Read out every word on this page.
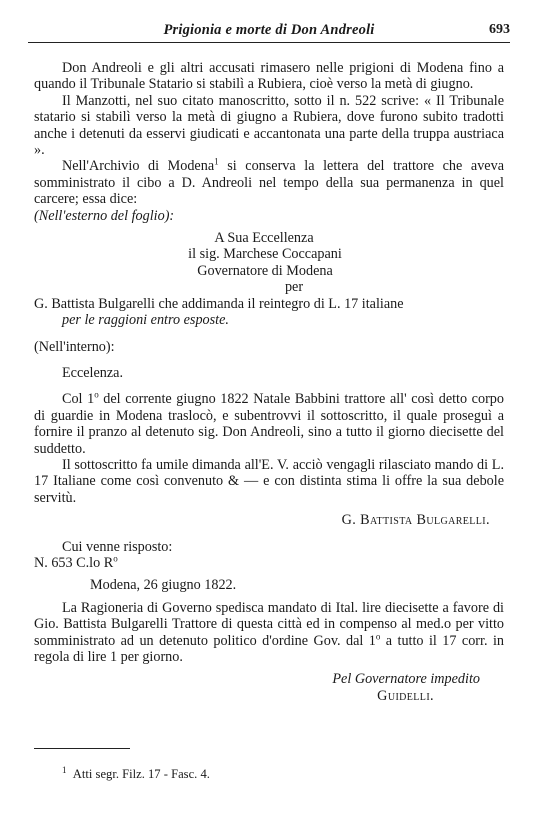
Prigionia e morte di Don Andreoli	693

Don Andreoli e gli altri accusati rimasero nelle prigioni di Modena fino a quando il Tribunale Statario si stabilì a Rubiera, cioè verso la metà di giugno.

Il Manzotti, nel suo citato manoscritto, sotto il n. 522 scrive: « Il Tribunale statario si stabilì verso la metà di giugno a Rubiera, dove furono subito tradotti anche i detenuti da esservi giudicati e accantonata una parte della truppa austriaca ».

Nell'Archivio di Modena$^1$ si conserva la lettera del trattore che aveva somministrato il cibo a D. Andreoli nel tempo della sua permanenza in quel carcere; essa dice:

(Nell'esterno del foglio):

A Sua Eccellenza

il sig. Marchese Coccapani

Governatore di Modena

per

G. Battista Bulgarelli che addimanda il reintegro di L. 17 italiane

per le raggioni entro esposte.

(Nell'interno):

Eccelenza.

Col 1$^o$ del corrente giugno 1822 Natale Babbini trattore all' così detto corpo di guardie in Modena traslocò, e subentrovvi il sottoscritto, il quale proseguì a fornire il pranzo al detenuto sig. Don Andreoli, sino a tutto il giorno diecisette del suddetto.

Il sottoscritto fa umile dimanda all'E. V. acciò vengagli rilasciato mando di L. 17 Italiane come così convenuto & — e con distinta stima li offre la sua debole servitù.

G. Battista Bulgarelli.

Cui venne risposto:

N. 653 C.lo $R^o$

Modena, 26 giugno 1822.

La Ragioneria di Governo spedisca mandato di Ital. lire diecisette a favore di Gio. Battista Bulgarelli Trattore di questa città ed in compenso al med.o per vitto somministrato ad un detenuto politico d'ordine Gov. dal 1$^o$ a tutto il 17 corr. in regola di lire 1 per giorno.

Pel Governatore impedito

Guidelli.

$^1$ Atti segr. Filz. 17 - Fasc. 4.
